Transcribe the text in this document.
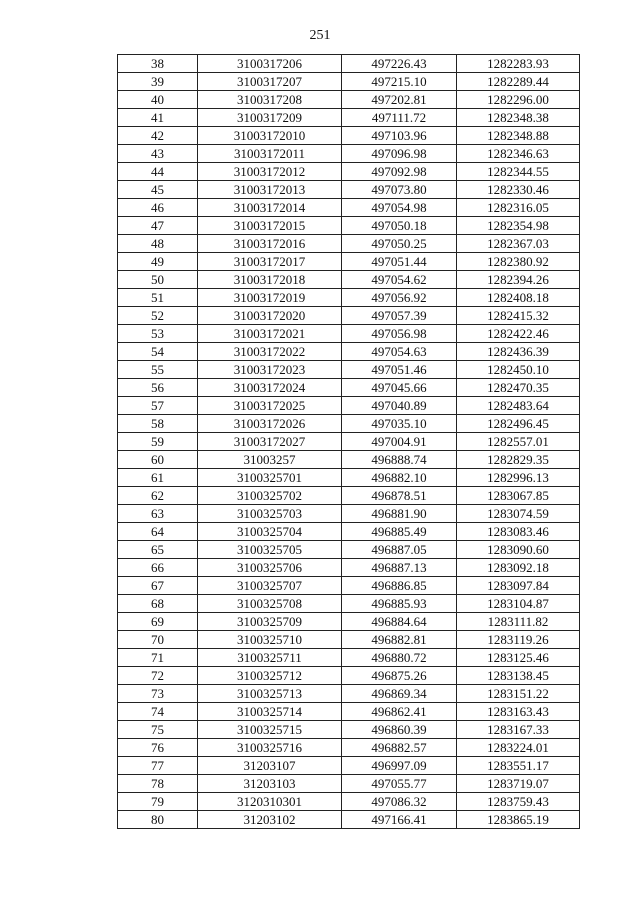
251
38	3100317206	497226.43	1282283.93
39	3100317207	497215.10	1282289.44
40	3100317208	497202.81	1282296.00
41	3100317209	497111.72	1282348.38
42	31003172010	497103.96	1282348.88
43	31003172011	497096.98	1282346.63
44	31003172012	497092.98	1282344.55
45	31003172013	497073.80	1282330.46
46	31003172014	497054.98	1282316.05
47	31003172015	497050.18	1282354.98
48	31003172016	497050.25	1282367.03
49	31003172017	497051.44	1282380.92
50	31003172018	497054.62	1282394.26
51	31003172019	497056.92	1282408.18
52	31003172020	497057.39	1282415.32
53	31003172021	497056.98	1282422.46
54	31003172022	497054.63	1282436.39
55	31003172023	497051.46	1282450.10
56	31003172024	497045.66	1282470.35
57	31003172025	497040.89	1282483.64
58	31003172026	497035.10	1282496.45
59	31003172027	497004.91	1282557.01
60	31003257	496888.74	1282829.35
61	3100325701	496882.10	1282996.13
62	3100325702	496878.51	1283067.85
63	3100325703	496881.90	1283074.59
64	3100325704	496885.49	1283083.46
65	3100325705	496887.05	1283090.60
66	3100325706	496887.13	1283092.18
67	3100325707	496886.85	1283097.84
68	3100325708	496885.93	1283104.87
69	3100325709	496884.64	1283111.82
70	3100325710	496882.81	1283119.26
71	3100325711	496880.72	1283125.46
72	3100325712	496875.26	1283138.45
73	3100325713	496869.34	1283151.22
74	3100325714	496862.41	1283163.43
75	3100325715	496860.39	1283167.33
76	3100325716	496882.57	1283224.01
77	31203107	496997.09	1283551.17
78	31203103	497055.77	1283719.07
79	3120310301	497086.32	1283759.43
80	31203102	497166.41	1283865.19
